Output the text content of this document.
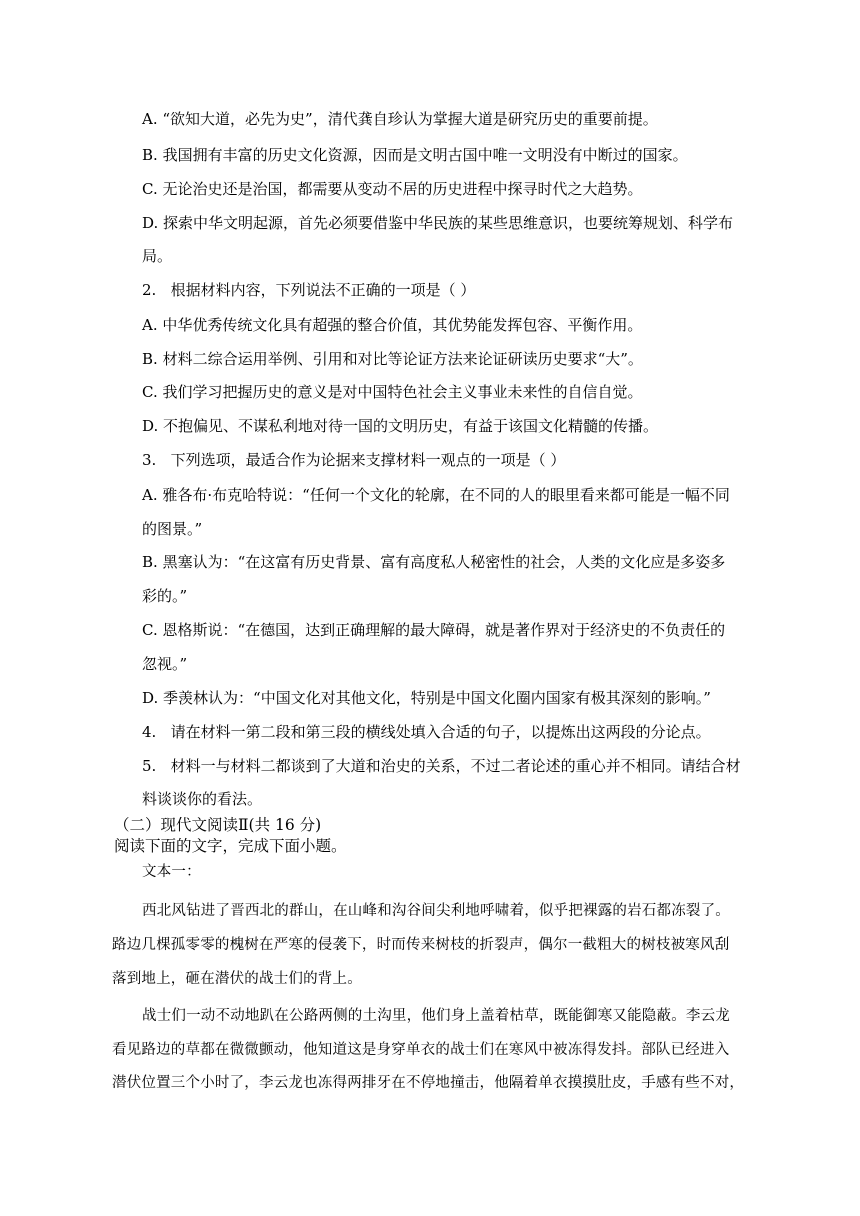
A. “欲知大道，必先为史”，清代龚自珍认为掌握大道是研究历史的重要前提。
B. 我国拥有丰富的历史文化资源，因而是文明古国中唯一文明没有中断过的国家。
C. 无论治史还是治国，都需要从变动不居的历史进程中探寻时代之大趋势。
D. 探索中华文明起源，首先必须要借鉴中华民族的某些思维意识，也要统筹规划、科学布
局。
2. 根据材料内容，下列说法不正确的一项是（ ）
A. 中华优秀传统文化具有超强的整合价值，其优势能发挥包容、平衡作用。
B. 材料二综合运用举例、引用和对比等论证方法来论证研读历史要求“大”。
C. 我们学习把握历史的意义是对中国特色社会主义事业未来性的自信自觉。
D. 不抱偏见、不谋私利地对待一国的文明历史，有益于该国文化精髓的传播。
3. 下列选项，最适合作为论据来支撑材料一观点的一项是（ ）
A. 雅各布·布克哈特说：“任何一个文化的轮廓，在不同的人的眼里看来都可能是一幅不同
的图景。”
B. 黑塞认为：“在这富有历史背景、富有高度私人秘密性的社会，人类的文化应是多姿多
彩的。”
C. 恩格斯说：“在德国，达到正确理解的最大障碍，就是著作界对于经济史的不负责任的
忽视。”
D. 季羡林认为：“中国文化对其他文化，特别是中国文化圈内国家有极其深刻的影响。”
4. 请在材料一第二段和第三段的横线处填入合适的句子，以提炼出这两段的分论点。
5. 材料一与材料二都谈到了大道和治史的关系，不过二者论述的重心并不相同。请结合材
料谈谈你的看法。
（二）现代文阅读Ⅱ(共 16 分)
阅读下面的文字，完成下面小题。
文本一：
西北风钻进了晋西北的群山，在山峰和沟谷间尖利地呼啸着，似乎把裸露的岩石都冻裂了。
路边几棵孤零零的槐树在严寒的侵袭下，时而传来树枝的折裂声，偶尔一截粗大的树枝被寒风刮
落到地上，砸在潜伏的战士们的背上。
战士们一动不动地趴在公路两侧的土沟里，他们身上盖着枯草，既能御寒又能隐蔽。李云龙
看见路边的草都在微微颤动，他知道这是身穿单衣的战士们在寒风中被冻得发抖。部队已经进入
潜伏位置三个小时了，李云龙也冻得两排牙在不停地撞击，他隔着单衣摸摸肚皮，手感有些不对，
